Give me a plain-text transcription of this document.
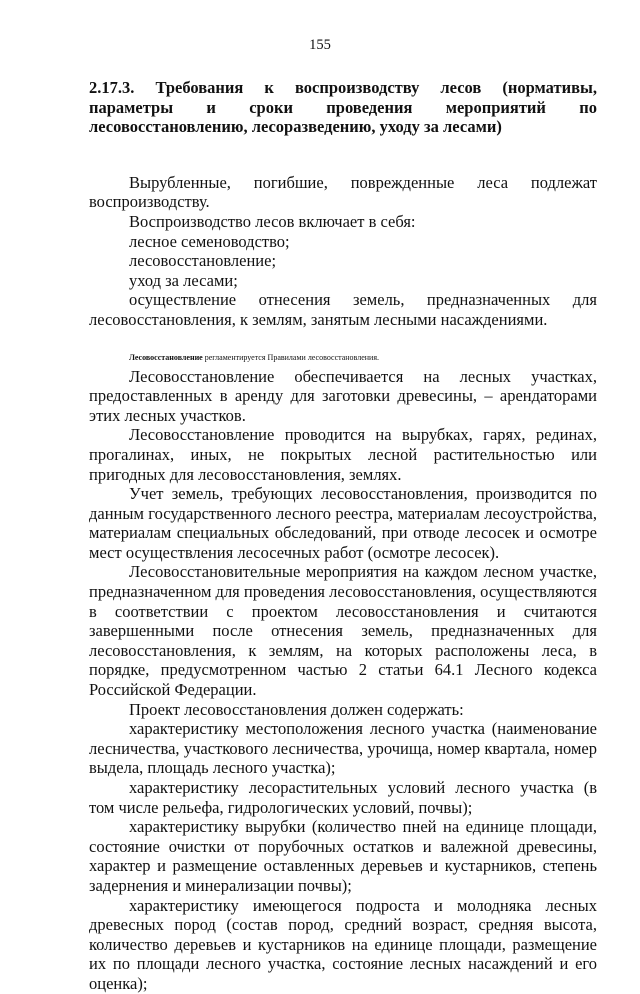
155
2.17.3. Требования к воспроизводству лесов (нормативы, параметры и сроки проведения мероприятий по лесовосстановлению, лесоразведению, уходу за лесами)

Вырубленные, погибшие, поврежденные леса подлежат воспроизводству.

Воспроизводство лесов включает в себя:

лесное семеноводство;

лесовосстановление;

уход за лесами;

осуществление отнесения земель, предназначенных для лесовосстановления, к землям, занятым лесными насаждениями.

Лесовосстановление регламентируется Правилами лесовосстановления.

Лесовосстановление обеспечивается на лесных участках, предоставленных в аренду для заготовки древесины, – арендаторами этих лесных участков.

Лесовосстановление проводится на вырубках, гарях, рединах, прогалинах, иных, не покрытых лесной растительностью или пригодных для лесовосстановления, землях.

Учет земель, требующих лесовосстановления, производится по данным государственного лесного реестра, материалам лесоустройства, материалам специальных обследований, при отводе лесосек и осмотре мест осуществления лесосечных работ (осмотре лесосек).

Лесовосстановительные мероприятия на каждом лесном участке, предназначенном для проведения лесовосстановления, осуществляются в соответствии с проектом лесовосстановления и считаются завершенными после отнесения земель, предназначенных для лесовосстановления, к землям, на которых расположены леса, в порядке, предусмотренном частью 2 статьи 64.1 Лесного кодекса Российской Федерации.

Проект лесовосстановления должен содержать:

характеристику местоположения лесного участка (наименование лесничества, участкового лесничества, урочища, номер квартала, номер выдела, площадь лесного участка);

характеристику лесорастительных условий лесного участка (в том числе рельефа, гидрологических условий, почвы);

характеристику вырубки (количество пней на единице площади, состояние очистки от порубочных остатков и валежной древесины, характер и размещение оставленных деревьев и кустарников, степень задернения и минерализации почвы);

характеристику имеющегося подроста и молодняка лесных древесных пород (состав пород, средний возраст, средняя высота, количество деревьев и кустарников на единице площади, размещение их по площади лесного участка, состояние лесных насаждений и его оценка);
